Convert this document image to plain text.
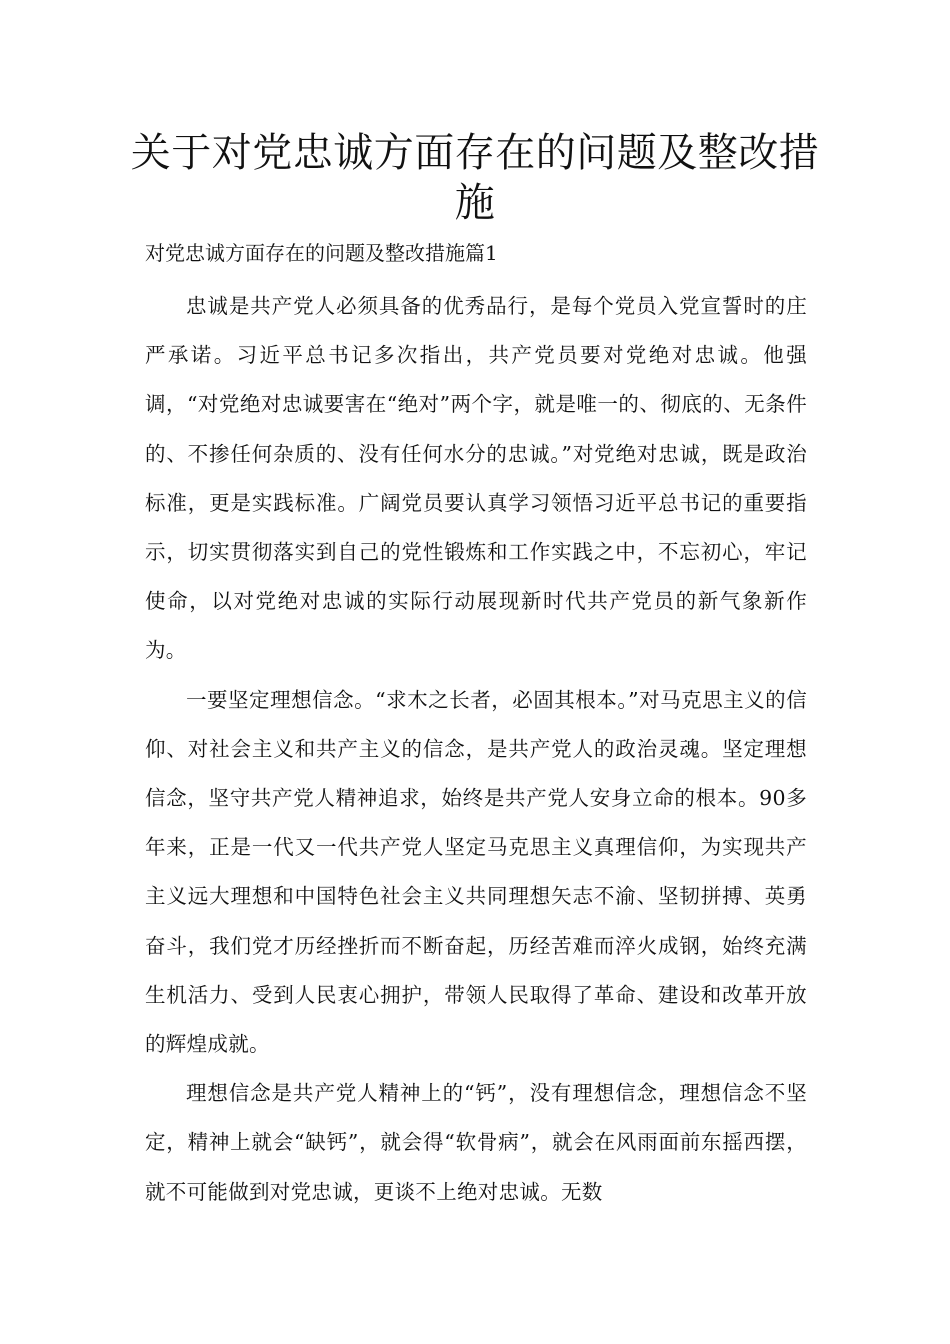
关于对党忠诚方面存在的问题及整改措施

对党忠诚方面存在的问题及整改措施篇1

忠诚是共产党人必须具备的优秀品行，是每个党员入党宣誓时的庄严承诺。习近平总书记多次指出，共产党员要对党绝对忠诚。他强调，“对党绝对忠诚要害在“绝对”两个字，就是唯一的、彻底的、无条件的、不掺任何杂质的、没有任何水分的忠诚。”对党绝对忠诚，既是政治标准，更是实践标准。广阔党员要认真学习领悟习近平总书记的重要指示，切实贯彻落实到自己的党性锻炼和工作实践之中，不忘初心，牢记使命，以对党绝对忠诚的实际行动展现新时代共产党员的新气象新作为。

一要坚定理想信念。“求木之长者，必固其根本。”对马克思主义的信仰、对社会主义和共产主义的信念，是共产党人的政治灵魂。坚定理想信念，坚守共产党人精神追求，始终是共产党人安身立命的根本。90多年来，正是一代又一代共产党人坚定马克思主义真理信仰，为实现共产主义远大理想和中国特色社会主义共同理想矢志不渝、坚韧拼搏、英勇奋斗，我们党才历经挫折而不断奋起，历经苦难而淬火成钢，始终充满生机活力、受到人民衷心拥护，带领人民取得了革命、建设和改革开放的辉煌成就。

理想信念是共产党人精神上的“钙”，没有理想信念，理想信念不坚定，精神上就会“缺钙”，就会得“软骨病”，就会在风雨面前东摇西摆，就不可能做到对党忠诚，更谈不上绝对忠诚。无数
